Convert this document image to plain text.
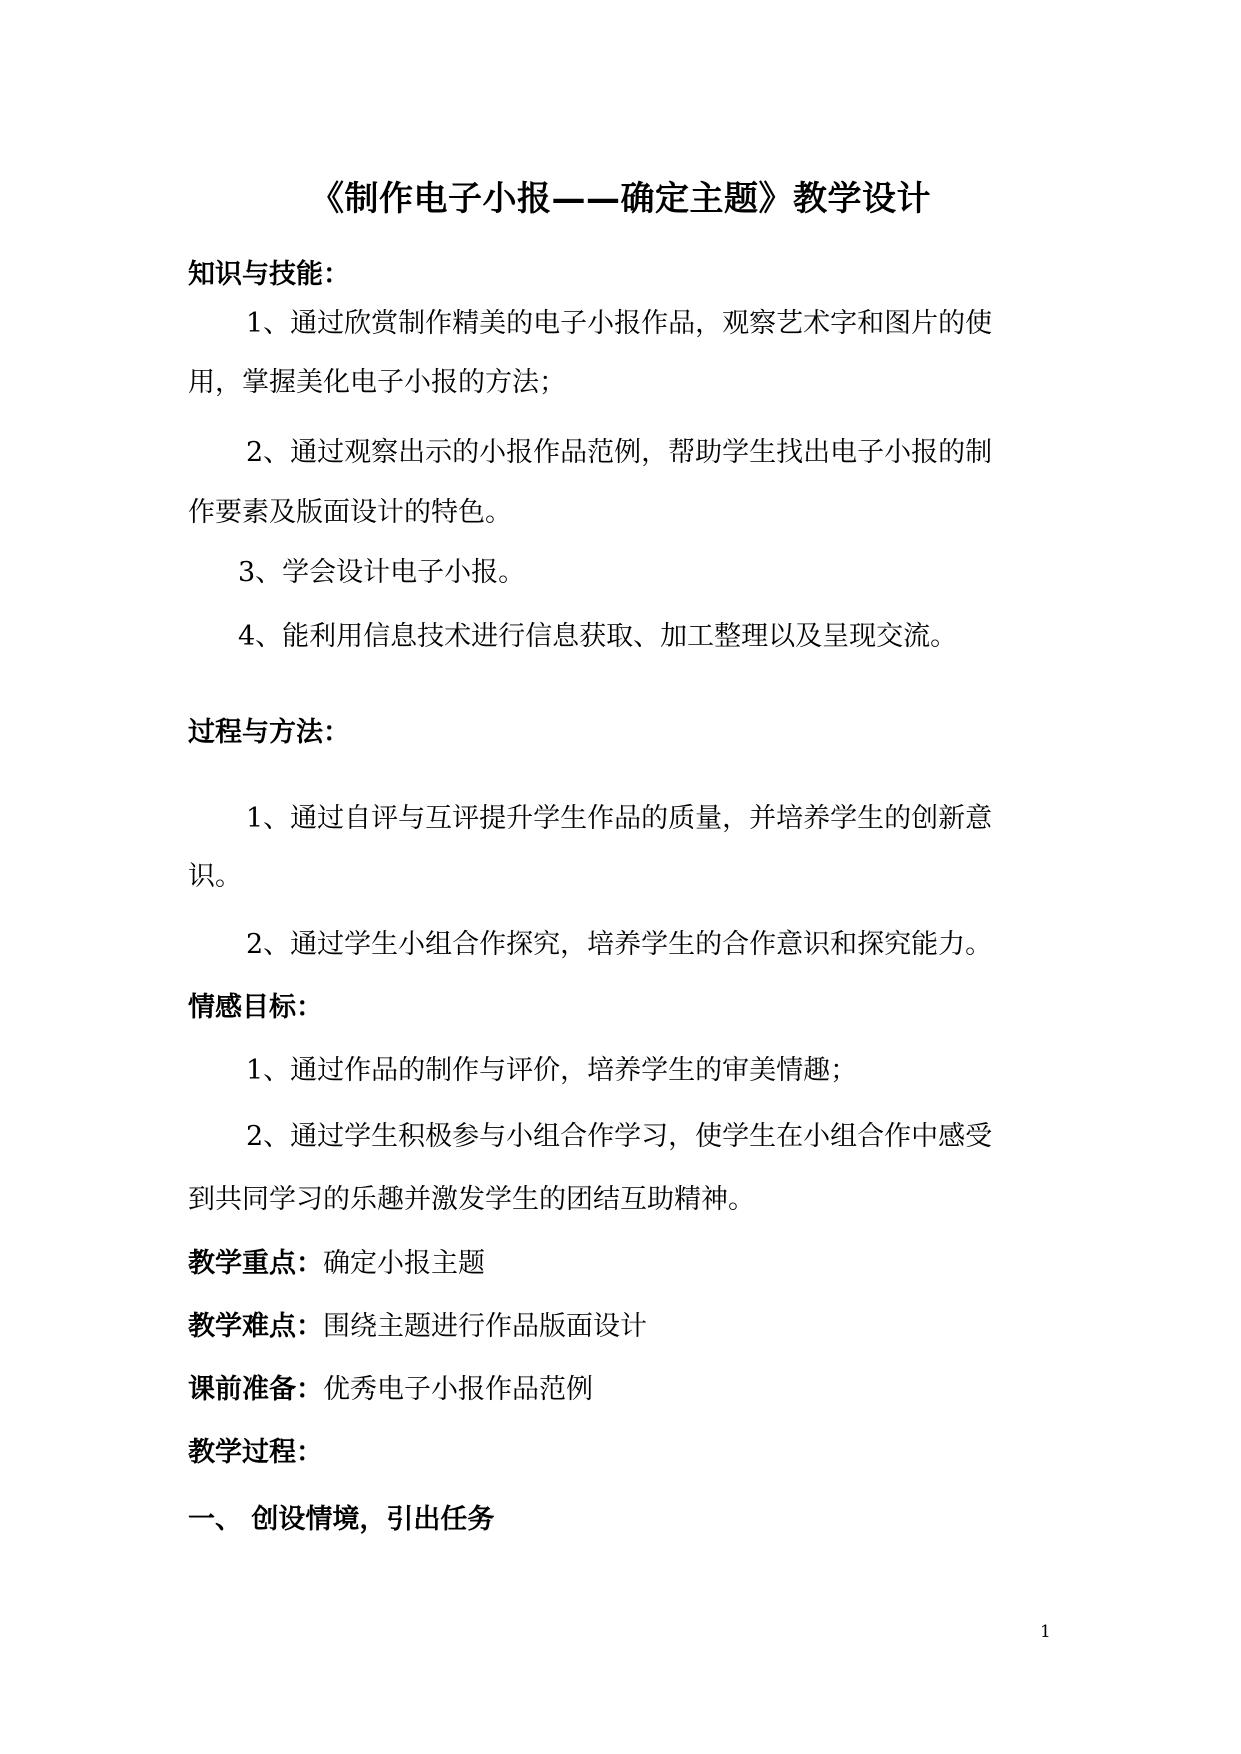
《制作电子小报——确定主题》教学设计
知识与技能：
1、通过欣赏制作精美的电子小报作品，观察艺术字和图片的使
用，掌握美化电子小报的方法；
2、通过观察出示的小报作品范例，帮助学生找出电子小报的制
作要素及版面设计的特色。
3、学会设计电子小报。
4、能利用信息技术进行信息获取、加工整理以及呈现交流。
过程与方法：
1、通过自评与互评提升学生作品的质量，并培养学生的创新意
识。
2、通过学生小组合作探究，培养学生的合作意识和探究能力。
情感目标：
1、通过作品的制作与评价，培养学生的审美情趣；
2、通过学生积极参与小组合作学习，使学生在小组合作中感受
到共同学习的乐趣并激发学生的团结互助精神。
教学重点：确定小报主题
教学难点：围绕主题进行作品版面设计
课前准备：优秀电子小报作品范例
教学过程：
一、 创设情境，引出任务
1
